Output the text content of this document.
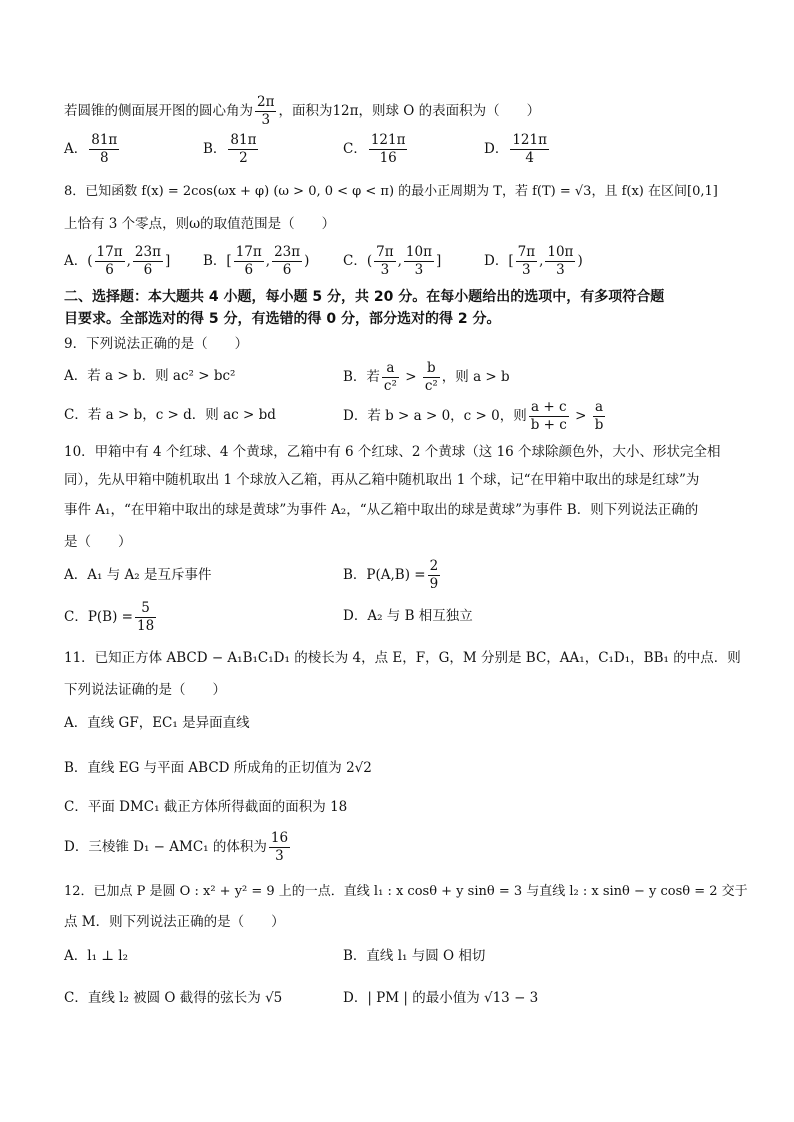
若圆锥的侧面展开图的圆心角为 $\frac{2\pi}{3}$ ，面积为12π，则球 O 的表面积为（　　）
A． $\frac{81\pi}{8}$	B． $\frac{81\pi}{2}$	C． $\frac{121\pi}{16}$	D． $\frac{121\pi}{4}$
8．已知函数 f(x) = 2cos(ωx + φ) (ω > 0, 0 < φ < π) 的最小正周期为 T，若 f(T) = √3，且 f(x) 在区间[0,1]
上恰有 3 个零点，则ω的取值范围是（　　）
A．( $\frac{17\pi}{6}$ , $\frac{23\pi}{6}$ ] B．[ $\frac{17\pi}{6}$ , $\frac{23\pi}{6}$ ) C．( $\frac{7\pi}{3}$ , $\frac{10\pi}{3}$ ]	D．[ $\frac{7\pi}{3}$ , $\frac{10\pi}{3}$ )
二、选择题：本大题共 4 小题，每小题 5 分，共 20 分。在每小题给出的选项中，有多项符合题
目要求。全部选对的得 5 分，有选错的得 0 分，部分选对的得 2 分。
9．下列说法正确的是（　　）
A．若 a > b．则 ac² > bc²	B．若 $\frac{a}{\text{c²}} > \frac{b}{\text{c²}}$ ，则 a > b
C．若 a > b，c > d．则 ac > bd	D．若 b > a > 0，c > 0，则 $\frac{a + c}{b + c} > \frac{a}{b}$
10．甲箱中有 4 个红球、4 个黄球，乙箱中有 6 个红球、2 个黄球（这 16 个球除颜色外，大小、形状完全相
同），先从甲箱中随机取出 1 个球放入乙箱，再从乙箱中随机取出 1 个球，记“在甲箱中取出的球是红球”为
事件 A₁，“在甲箱中取出的球是黄球”为事件 A₂，“从乙箱中取出的球是黄球”为事件 B．则下列说法正确的
是（　　）
A．A₁ 与 A₂ 是互斥事件	B．$P(A,B) = \frac{2}{9}$
C．$P(B) = \frac{5}{18}$	D．A₂ 与 B 相互独立
11．已知正方体 ABCD − A₁B₁C₁D₁ 的棱长为 4，点 E，F，G，M 分别是 BC，AA₁，C₁D₁，BB₁ 的中点．则
下列说法证确的是（　　）
A．直线 GF，EC₁ 是异面直线
B．直线 EG 与平面 ABCD 所成角的正切值为 2√2
C．平面 DMC₁ 截正方体所得截面的面积为 18
D．三棱锥 D₁ − AMC₁ 的体积为 $\frac{16}{3}$
12．已加点 P 是圆 O : x² + y² = 9 上的一点．直线 l₁ : x cosθ + y sinθ = 3 与直线 l₂ : x sinθ − y cosθ = 2 交于
点 M．则下列说法正确的是（　　）
A．l₁ ⊥ l₂	B．直线 l₁ 与圆 O 相切
C．直线 l₂ 被圆 O 截得的弦长为 √5	D．| PM | 的最小值为 √13 − 3
